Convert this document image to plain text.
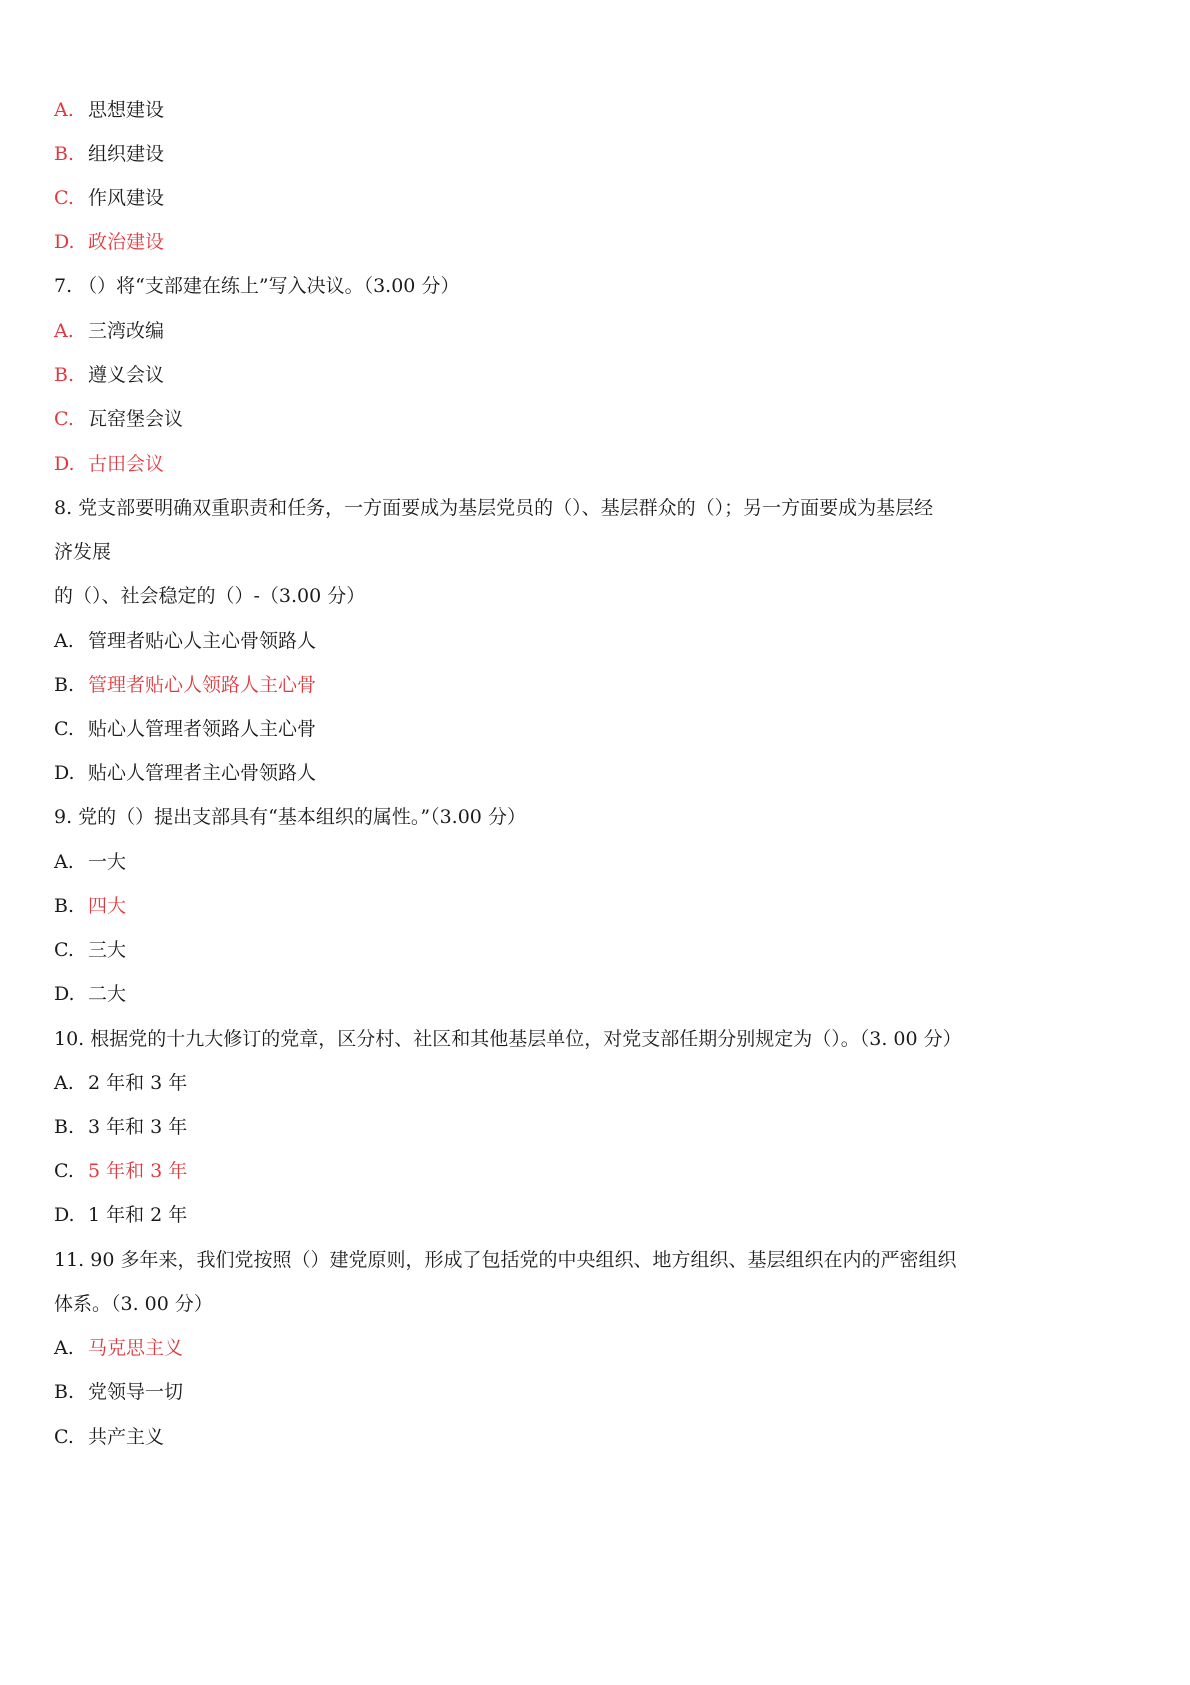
A. 思想建设
B. 组织建设
C. 作风建设
D. 政治建设
7. （）将“支部建在练上”写入决议。（3.00 分）
A. 三湾改编
B. 遵义会议
C. 瓦窑堡会议
D. 古田会议
8. 党支部要明确双重职责和任务，一方面要成为基层党员的（）、基层群众的（）；另一方面要成为基层经
济发展
的（）、社会稳定的（）-（3.00 分）
A. 管理者贴心人主心骨领路人
B. 管理者贴心人领路人主心骨
C. 贴心人管理者领路人主心骨
D. 贴心人管理者主心骨领路人
9. 党的（）提出支部具有“基本组织的属性。”（3.00 分）
A. 一大
B. 四大
C. 三大
D. 二大
10. 根据党的十九大修订的党章，区分村、社区和其他基层单位，对党支部任期分别规定为（）。（3. 00 分）
A. 2 年和 3 年
B. 3 年和 3 年
C. 5 年和 3 年
D. 1 年和 2 年
11. 90 多年来，我们党按照（）建党原则，形成了包括党的中央组织、地方组织、基层组织在内的严密组织
体系。（3. 00 分）
A. 马克思主义
B. 党领导一切
C. 共产主义
